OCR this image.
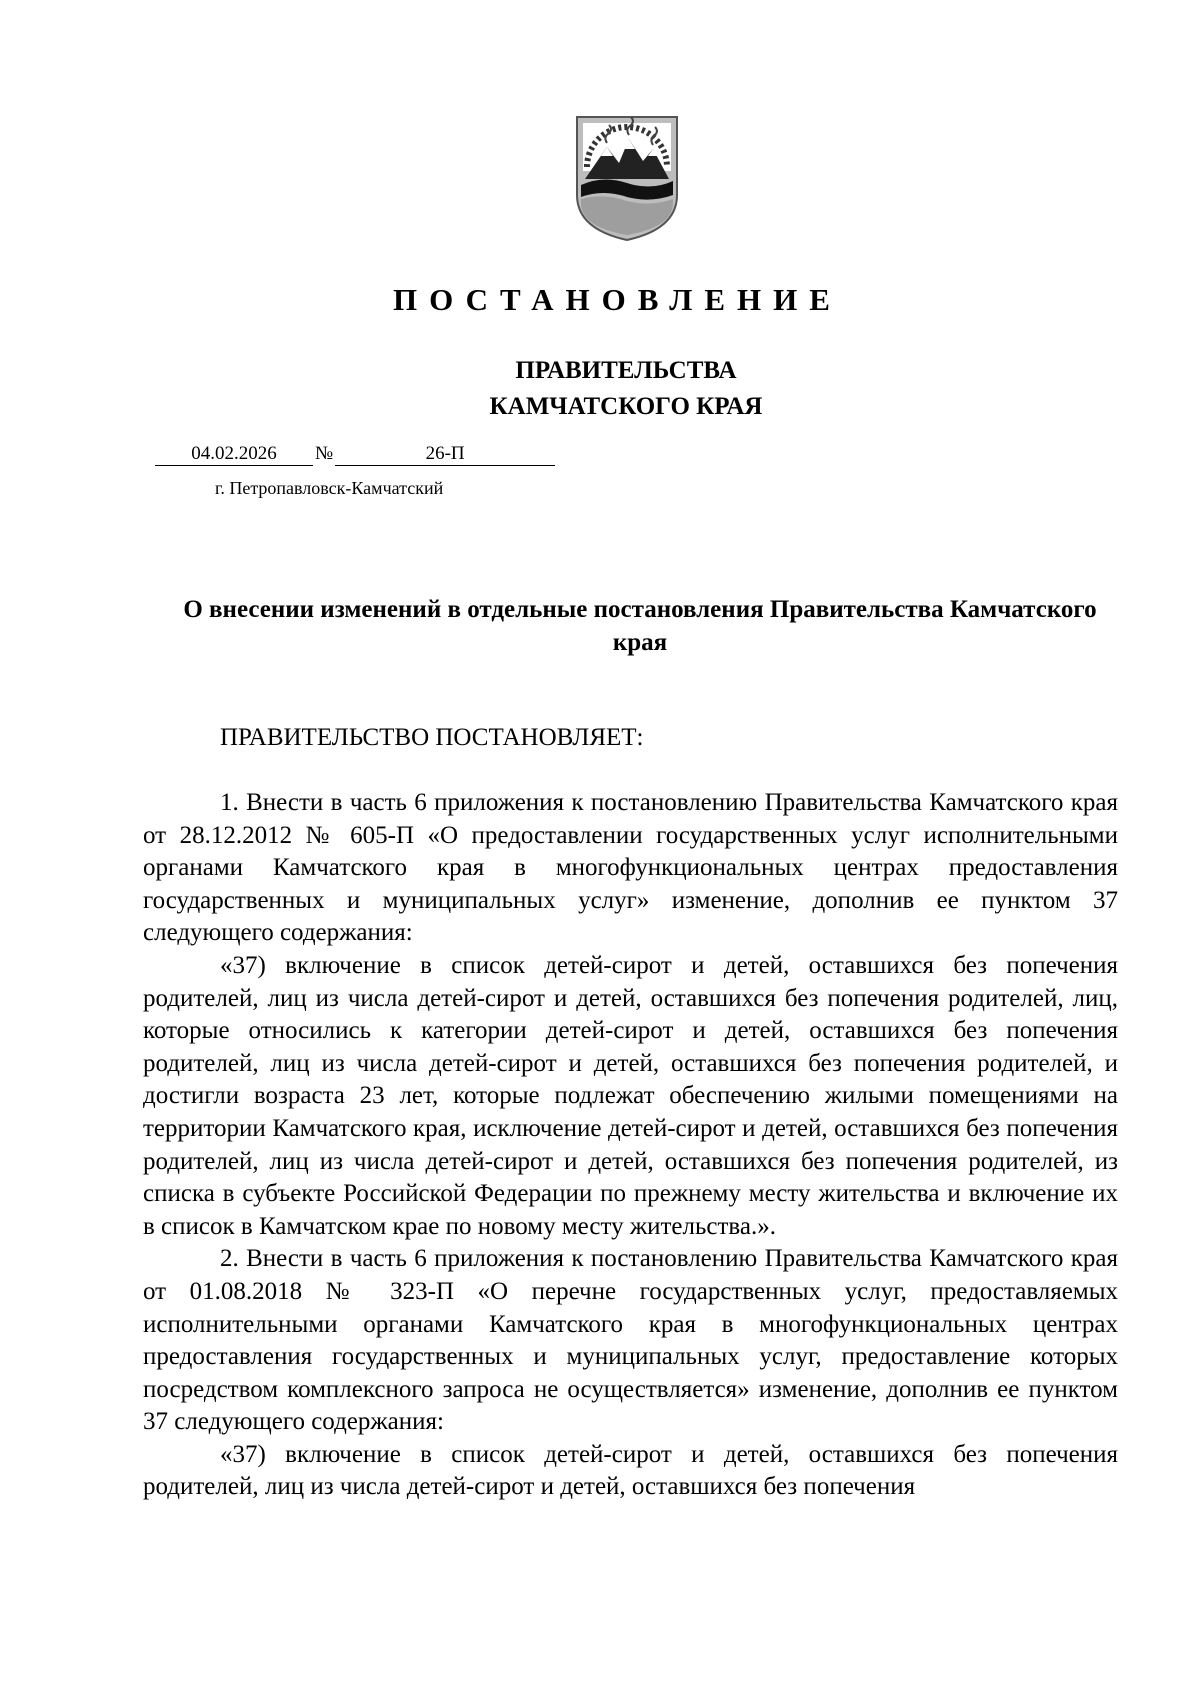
ПОСТАНОВЛЕНИЕ
ПРАВИТЕЛЬСТВА
КАМЧАТСКОГО КРАЯ
04.02.2026 №	26-П
г. Петропавловск-Камчатский
О внесении изменений в отдельные постановления Правительства Камчатского края
ПРАВИТЕЛЬСТВО ПОСТАНОВЛЯЕТ:

1. Внести в часть 6 приложения к постановлению Правительства Камчатского края от 28.12.2012 № 605-П «О предоставлении государственных услуг исполнительными органами Камчатского края в многофункциональных центрах предоставления государственных и муниципальных услуг» изменение, дополнив ее пунктом 37 следующего содержания:

«37) включение в список детей-сирот и детей, оставшихся без попечения родителей, лиц из числа детей-сирот и детей, оставшихся без попечения родителей, лиц, которые относились к категории детей-сирот и детей, оставшихся без попечения родителей, лиц из числа детей-сирот и детей, оставшихся без попечения родителей, и достигли возраста 23 лет, которые подлежат обеспечению жилыми помещениями на территории Камчатского края, исключение детей-сирот и детей, оставшихся без попечения родителей, лиц из числа детей-сирот и детей, оставшихся без попечения родителей, из списка в субъекте Российской Федерации по прежнему месту жительства и включение их в список в Камчатском крае по новому месту жительства.».

2. Внести в часть 6 приложения к постановлению Правительства Камчатского края от 01.08.2018 № 323-П «О перечне государственных услуг, предоставляемых исполнительными органами Камчатского края в многофункциональных центрах предоставления государственных и муниципальных услуг, предоставление которых посредством комплексного запроса не осуществляется» изменение, дополнив ее пунктом 37 следующего содержания:

«37) включение в список детей-сирот и детей, оставшихся без попечения родителей, лиц из числа детей-сирот и детей, оставшихся без попечения
